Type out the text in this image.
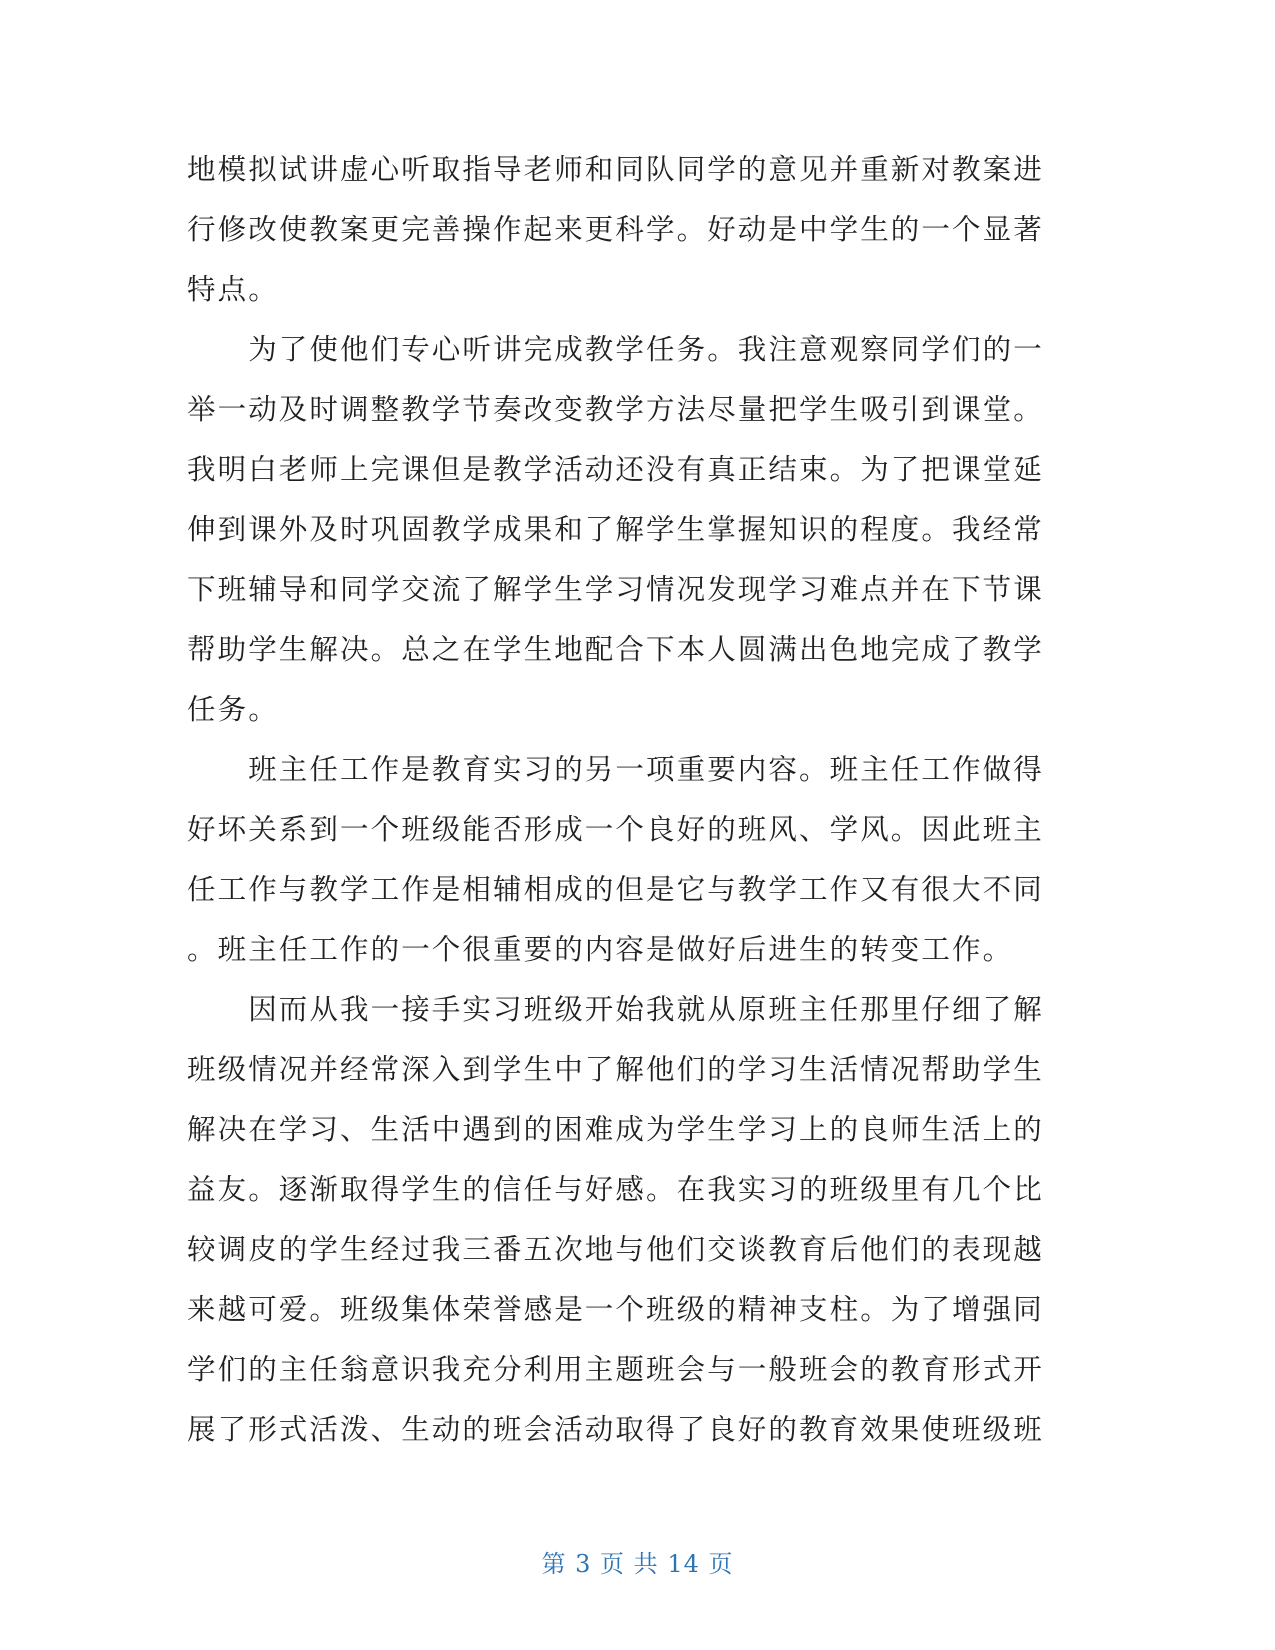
地模拟试讲虚心听取指导老师和同队同学的意见并重新对教案进
行修改使教案更完善操作起来更科学。好动是中学生的一个显著
特点。
　　为了使他们专心听讲完成教学任务。我注意观察同学们的一
举一动及时调整教学节奏改变教学方法尽量把学生吸引到课堂。
我明白老师上完课但是教学活动还没有真正结束。为了把课堂延
伸到课外及时巩固教学成果和了解学生掌握知识的程度。我经常
下班辅导和同学交流了解学生学习情况发现学习难点并在下节课
帮助学生解决。总之在学生地配合下本人圆满出色地完成了教学
任务。
　　班主任工作是教育实习的另一项重要内容。班主任工作做得
好坏关系到一个班级能否形成一个良好的班风、学风。因此班主
任工作与教学工作是相辅相成的但是它与教学工作又有很大不同
。班主任工作的一个很重要的内容是做好后进生的转变工作。
　　因而从我一接手实习班级开始我就从原班主任那里仔细了解
班级情况并经常深入到学生中了解他们的学习生活情况帮助学生
解决在学习、生活中遇到的困难成为学生学习上的良师生活上的
益友。逐渐取得学生的信任与好感。在我实习的班级里有几个比
较调皮的学生经过我三番五次地与他们交谈教育后他们的表现越
来越可爱。班级集体荣誉感是一个班级的精神支柱。为了增强同
学们的主任翁意识我充分利用主题班会与一般班会的教育形式开
展了形式活泼、生动的班会活动取得了良好的教育效果使班级班
第 3 页 共 14 页
